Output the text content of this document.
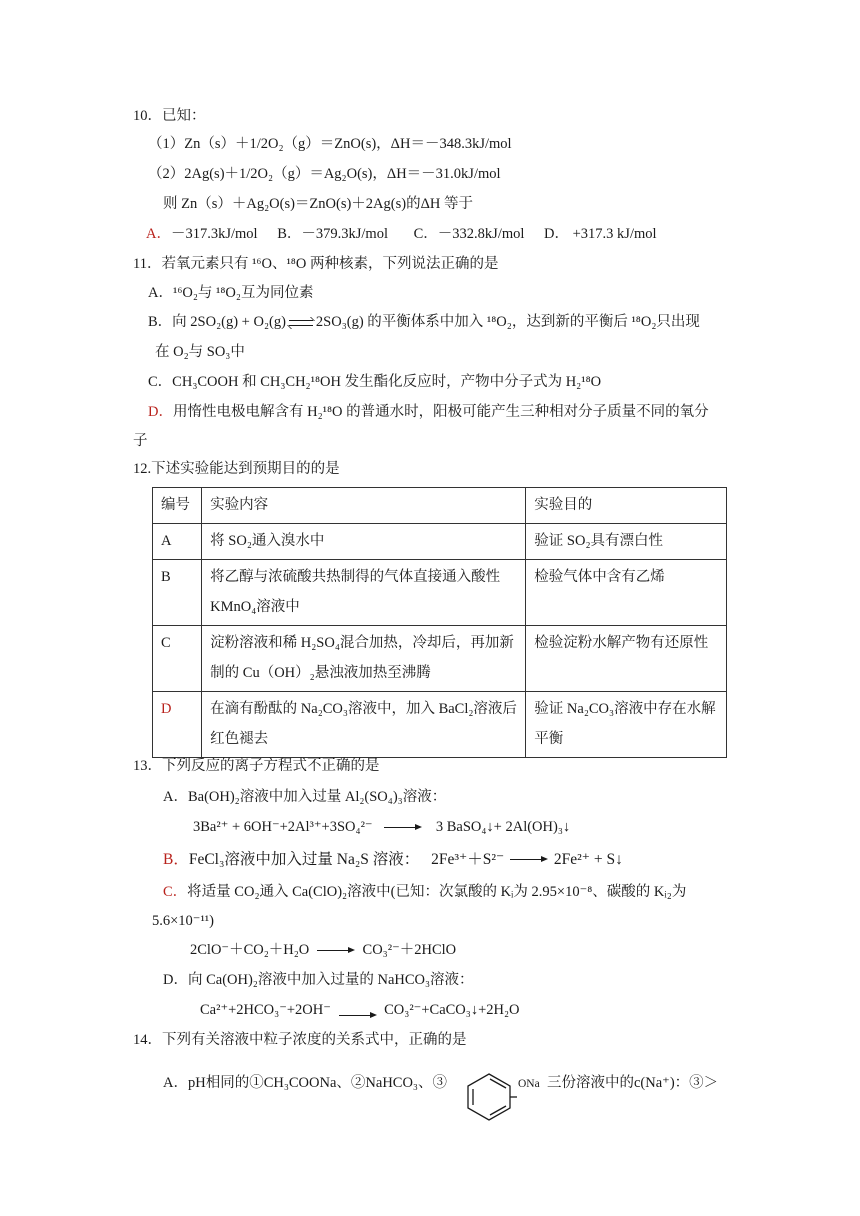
10．已知：
（1）Zn（s）＋1/2O₂（g）＝ZnO(s)，ΔH＝－348.3kJ/mol
（2）2Ag(s)＋1/2O₂（g）＝Ag₂O(s)，ΔH＝－31.0kJ/mol
则 Zn（s）＋Ag₂O(s)＝ZnO(s)＋2Ag(s)的ΔH 等于
A．－317.3kJ/mol B．－379.3kJ/mol C．－332.8kJ/mol D． +317.3 kJ/mol
11．若氧元素只有 ¹⁶O、¹⁸O 两种核素，下列说法正确的是
A．¹⁶O₂与 ¹⁸O₂互为同位素
B．向 2SO₂(g) + O₂(g) 2SO₃(g) 的平衡体系中加入 ¹⁸O₂，达到新的平衡后 ¹⁸O₂只出现
在 O₂与 SO₃中
C．CH₃COOH 和 CH₃CH₂¹⁸OH 发生酯化反应时，产物中分子式为 H₂¹⁸O
D．用惰性电极电解含有 H₂¹⁸O 的普通水时，阳极可能产生三种相对分子质量不同的氧分
子
12.下述实验能达到预期目的的是
编号	实验内容	实验目的
A	将 SO₂通入溴水中	验证 SO₂具有漂白性
B	将乙醇与浓硫酸共热制得的气体直接通入酸性 KMnO₄溶液中	检验气体中含有乙烯
C	淀粉溶液和稀 H₂SO₄混合加热，冷却后，再加新制的 Cu（OH）₂悬浊液加热至沸腾	检验淀粉水解产物有还原性
D	在滴有酚酞的 Na₂CO₃溶液中，加入 BaCl₂溶液后红色褪去	验证 Na₂CO₃溶液中存在水解平衡
13．下列反应的离子方程式不正确的是
A．Ba(OH)₂溶液中加入过量 Al₂(SO₄)₃溶液：
3Ba²⁺ + 6OH⁻+2Al³⁺+3SO₄²⁻	3 BaSO₄↓+ 2Al(OH)₃↓
B．FeCl₃溶液中加入过量 Na₂S 溶液： 2Fe³⁺＋S²⁻	2Fe²⁺ + S↓
C．将适量 CO₂通入 Ca(ClO)₂溶液中(已知：次氯酸的 Kᵢ为 2.95×10⁻⁸、碳酸的 Kᵢ₂为
5.6×10⁻¹¹)
2ClO⁻＋CO₂＋H₂O	CO₃²⁻＋2HClO
D．向 Ca(OH)₂溶液中加入过量的 NaHCO₃溶液：
Ca²⁺+2HCO₃⁻+2OH⁻	CO₃²⁻+CaCO₃↓+2H₂O
14．下列有关溶液中粒子浓度的关系式中，正确的是
A．pH相同的①CH₃COONa、②NaHCO₃、③	ONa 三份溶液中的c(Na⁺)：③＞
